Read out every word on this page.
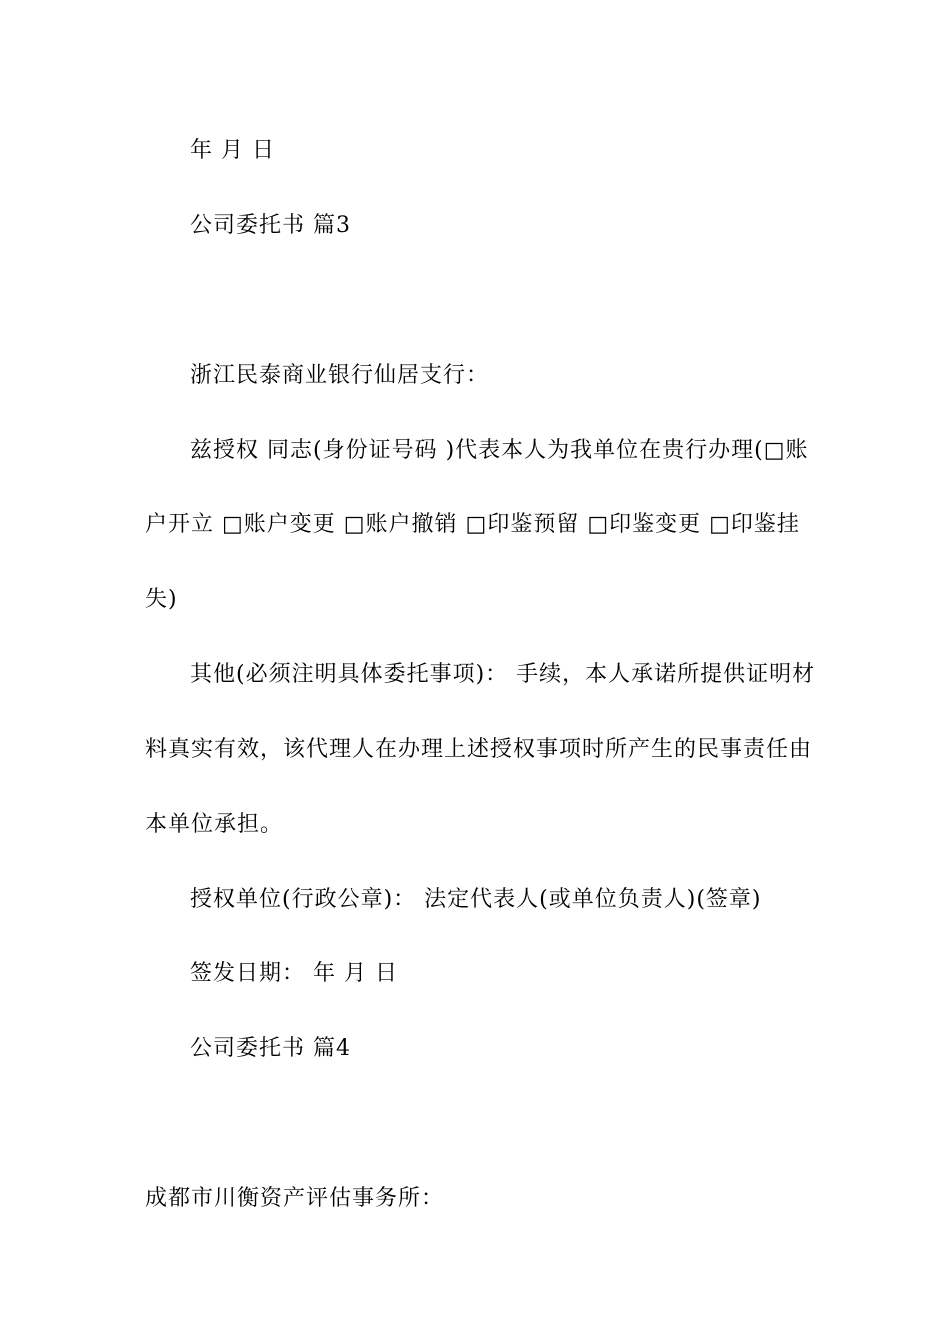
年 月 日
公司委托书 篇3
浙江民泰商业银行仙居支行：
兹授权 同志(身份证号码 )代表本人为我单位在贵行办理(□账
户开立 □账户变更 □账户撤销 □印鉴预留 □印鉴变更 □印鉴挂
失)
其他(必须注明具体委托事项)： 手续，本人承诺所提供证明材
料真实有效，该代理人在办理上述授权事项时所产生的民事责任由
本单位承担。
授权单位(行政公章)： 法定代表人(或单位负责人)(签章)
签发日期： 年 月 日
公司委托书 篇4
成都市川衡资产评估事务所：
